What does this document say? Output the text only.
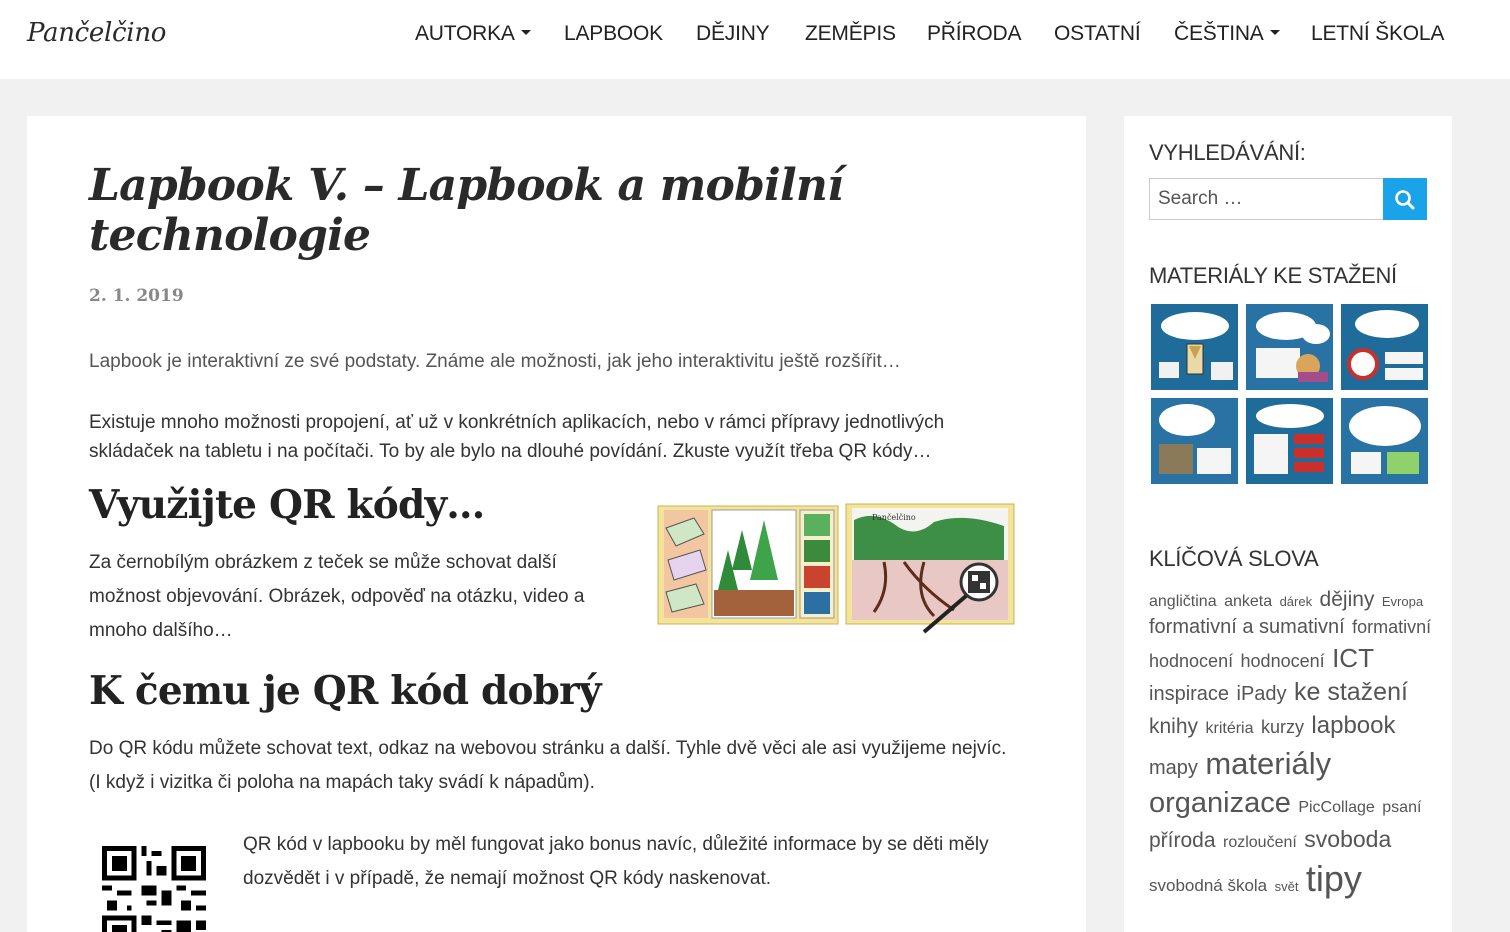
Pančelčino	AUTORKA	LAPBOOK DĚJINY ZEMĚPIS PŘÍRODA OSTATNÍ ČEŠTINA	LETNÍ ŠKOLA
Lapbook V. – Lapbook a mobilní technologie
2. 1. 2019

Lapbook je interaktivní ze své podstaty. Známe ale možnosti, jak jeho interaktivitu ještě rozšířit…

Existuje mnoho možnosti propojení, ať už v konkrétních aplikacích, nebo v rámci přípravy jednotlivých

skládaček na tabletu i na počítači. To by ale bylo na dlouhé povídání. Zkuste využít třeba QR kódy…

Využijte QR kódy…

Za černobílým obrázkem z teček se může schovat další

možnost objevování. Obrázek, odpověď na otázku, video a

mnoho dalšího…

Pančelčino
K čemu je QR kód dobrý

Do QR kódu můžete schovat text, odkaz na webovou stránku a další. Tyhle dvě věci ale asi využijeme nejvíc.

(I když i vizitka či poloha na mapách taky svádí k nápadům).

QR kód v lapbooku by měl fungovat jako bonus navíc, důležité informace by se děti měly

dozvědět i v případě, že nemají možnost QR kódy naskenovat.

VYHLEDÁVÁNÍ:
Search …
MATERIÁLY KE STAŽENÍ
KLÍČOVÁ SLOVA
angličtina anketa dárek dějiny Evropa formativní a sumativní formativní hodnocení hodnocení ICT inspirace iPady ke stažení knihy kritéria kurzy lapbook mapy materiály organizace PicCollage psaní příroda rozloučení svoboda svobodná škola svět tipy
